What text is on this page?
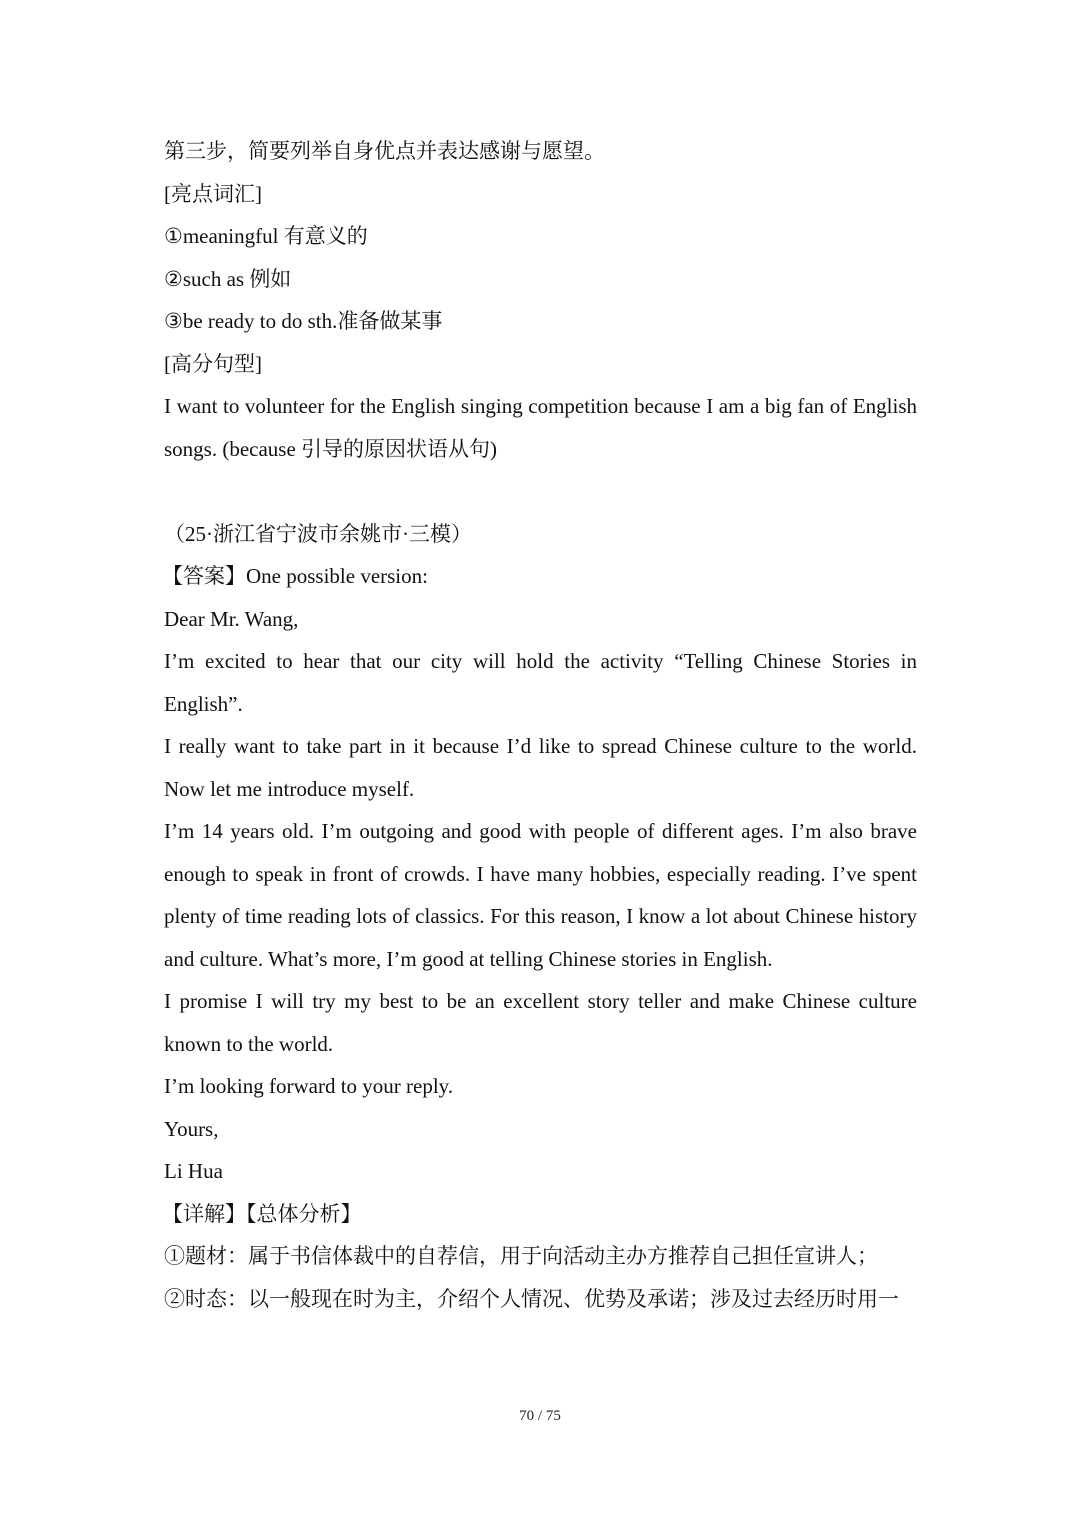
第三步，简要列举自身优点并表达感谢与愿望。

[亮点词汇]

①meaningful 有意义的

②such as 例如

③be ready to do sth.准备做某事

[高分句型]

I want to volunteer for the English singing competition because I am a big fan of English songs. (because 引导的原因状语从句)

（25·浙江省宁波市余姚市·三模）

【答案】One possible version:

Dear Mr. Wang,

I’m excited to hear that our city will hold the activity “Telling Chinese Stories in English”.

I really want to take part in it because I’d like to spread Chinese culture to the world. Now let me introduce myself.

I’m 14 years old. I’m outgoing and good with people of different ages. I’m also brave enough to speak in front of crowds. I have many hobbies, especially reading. I’ve spent plenty of time reading lots of classics. For this reason, I know a lot about Chinese history and culture. What’s more, I’m good at telling Chinese stories in English.

I promise I will try my best to be an excellent story teller and make Chinese culture known to the world.

I’m looking forward to your reply.

Yours,

Li Hua

【详解】【总体分析】

①题材：属于书信体裁中的自荐信，用于向活动主办方推荐自己担任宣讲人；

②时态：以一般现在时为主，介绍个人情况、优势及承诺；涉及过去经历时用一

70 / 75
